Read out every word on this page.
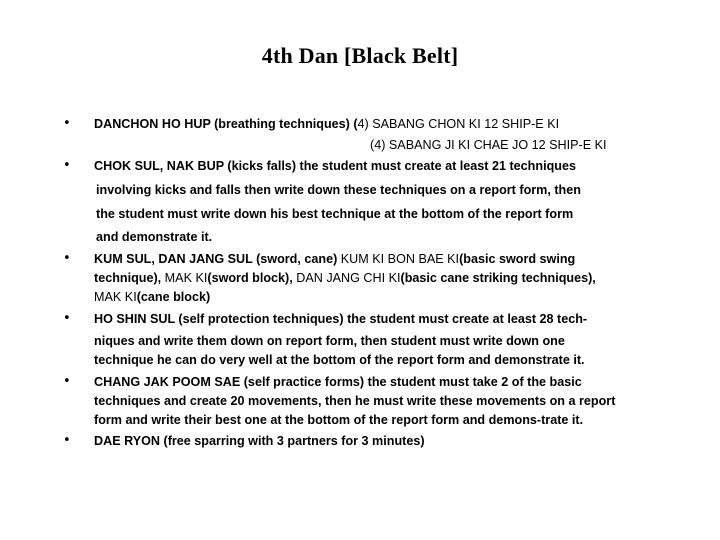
4th Dan [Black Belt]
• DANCHON HO HUP (breathing techniques) (4) SABANG CHON KI 12 SHIP-E KI
(4) SABANG JI KI CHAE JO 12 SHIP-E KI
• CHOK SUL, NAK BUP (kicks falls) the student must create at least 21 techniques
involving kicks and falls then write down these techniques on a report form, then
the student must write down his best technique at the bottom of the report form
and demonstrate it.
• KUM SUL, DAN JANG SUL (sword, cane) KUM KI BON BAE KI(basic sword swing
technique), MAK KI(sword block), DAN JANG CHI KI(basic cane striking techniques),
MAK KI(cane block)
• HO SHIN SUL (self protection techniques) the student must create at least 28 tech-
niques and write them down on report form, then student must write down one
technique he can do very well at the bottom of the report form and demonstrate it.
• CHANG JAK POOM SAE (self practice forms) the student must take 2 of the basic
techniques and create 20 movements, then he must write these movements on a report
form and write their best one at the bottom of the report form and demons-trate it.
• DAE RYON (free sparring with 3 partners for 3 minutes)
